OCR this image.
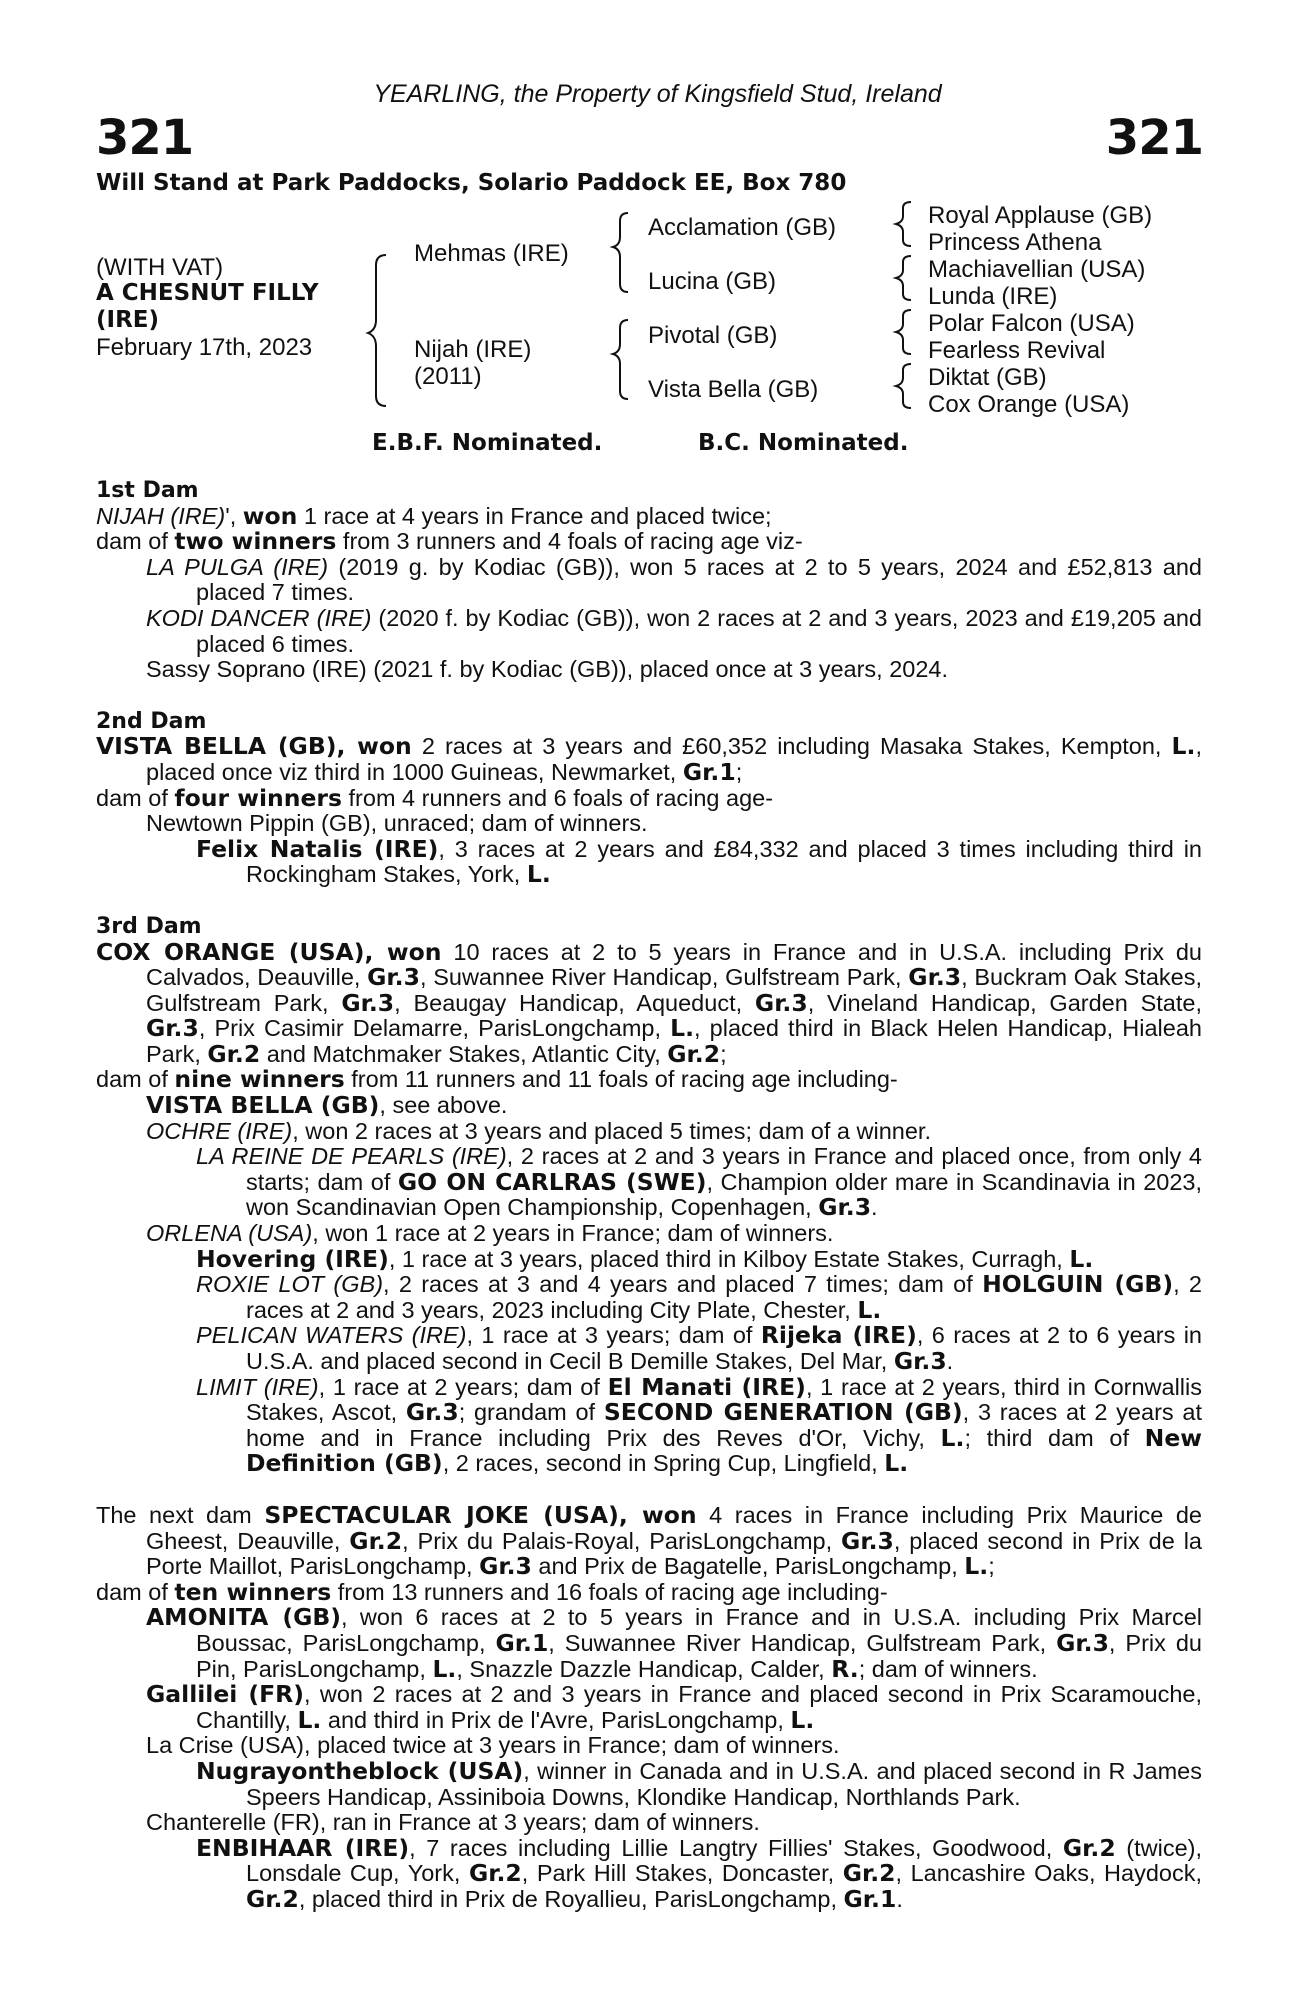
321
YEARLING, the Property of Kingsfield Stud, Ireland
321
Will Stand at Park Paddocks, Solario Paddock EE, Box 780
(WITH VAT)
A CHESNUT FILLY
(IRE)
February 17th, 2023
Mehmas (IRE)
Nijah (IRE)
(2011)
Acclamation (GB)
Lucina (GB)
Pivotal (GB)
Vista Bella (GB)
Royal Applause (GB)
Princess Athena
Machiavellian (USA)
Lunda (IRE)
Polar Falcon (USA)
Fearless Revival
Diktat (GB)
Cox Orange (USA)
E.B.F. Nominated.	B.C. Nominated.
1st Dam

NIJAH (IRE)', won 1 race at 4 years in France and placed twice;

dam of two winners from 3 runners and 4 foals of racing age viz-

LA PULGA (IRE) (2019 g. by Kodiac (GB)), won 5 races at 2 to 5 years, 2024 and £52,813 and placed 7 times.

KODI DANCER (IRE) (2020 f. by Kodiac (GB)), won 2 races at 2 and 3 years, 2023 and £19,205 and placed 6 times.

Sassy Soprano (IRE) (2021 f. by Kodiac (GB)), placed once at 3 years, 2024.

2nd Dam

VISTA BELLA (GB), won 2 races at 3 years and £60,352 including Masaka Stakes, Kempton, L., placed once viz third in 1000 Guineas, Newmarket, Gr.1;

dam of four winners from 4 runners and 6 foals of racing age-

Newtown Pippin (GB), unraced; dam of winners.

Felix Natalis (IRE), 3 races at 2 years and £84,332 and placed 3 times including third in Rockingham Stakes, York, L.

3rd Dam

COX ORANGE (USA), won 10 races at 2 to 5 years in France and in U.S.A. including Prix du Calvados, Deauville, Gr.3, Suwannee River Handicap, Gulfstream Park, Gr.3, Buckram Oak Stakes, Gulfstream Park, Gr.3, Beaugay Handicap, Aqueduct, Gr.3, Vineland Handicap, Garden State, Gr.3, Prix Casimir Delamarre, ParisLongchamp, L., placed third in Black Helen Handicap, Hialeah Park, Gr.2 and Matchmaker Stakes, Atlantic City, Gr.2;

dam of nine winners from 11 runners and 11 foals of racing age including-

VISTA BELLA (GB), see above.

OCHRE (IRE), won 2 races at 3 years and placed 5 times; dam of a winner.

LA REINE DE PEARLS (IRE), 2 races at 2 and 3 years in France and placed once, from only 4 starts; dam of GO ON CARLRAS (SWE), Champion older mare in Scandinavia in 2023, won Scandinavian Open Championship, Copenhagen, Gr.3.

ORLENA (USA), won 1 race at 2 years in France; dam of winners.

Hovering (IRE), 1 race at 3 years, placed third in Kilboy Estate Stakes, Curragh, L.

ROXIE LOT (GB), 2 races at 3 and 4 years and placed 7 times; dam of HOLGUIN (GB), 2 races at 2 and 3 years, 2023 including City Plate, Chester, L.

PELICAN WATERS (IRE), 1 race at 3 years; dam of Rijeka (IRE), 6 races at 2 to 6 years in U.S.A. and placed second in Cecil B Demille Stakes, Del Mar, Gr.3.

LIMIT (IRE), 1 race at 2 years; dam of El Manati (IRE), 1 race at 2 years, third in Cornwallis Stakes, Ascot, Gr.3; grandam of SECOND GENERATION (GB), 3 races at 2 years at home and in France including Prix des Reves d'Or, Vichy, L.; third dam of New Definition (GB), 2 races, second in Spring Cup, Lingfield, L.

The next dam SPECTACULAR JOKE (USA), won 4 races in France including Prix Maurice de Gheest, Deauville, Gr.2, Prix du Palais-Royal, ParisLongchamp, Gr.3, placed second in Prix de la Porte Maillot, ParisLongchamp, Gr.3 and Prix de Bagatelle, ParisLongchamp, L.;

dam of ten winners from 13 runners and 16 foals of racing age including-

AMONITA (GB), won 6 races at 2 to 5 years in France and in U.S.A. including Prix Marcel Boussac, ParisLongchamp, Gr.1, Suwannee River Handicap, Gulfstream Park, Gr.3, Prix du Pin, ParisLongchamp, L., Snazzle Dazzle Handicap, Calder, R.; dam of winners.

Gallilei (FR), won 2 races at 2 and 3 years in France and placed second in Prix Scaramouche, Chantilly, L. and third in Prix de l'Avre, ParisLongchamp, L.

La Crise (USA), placed twice at 3 years in France; dam of winners.

Nugrayontheblock (USA), winner in Canada and in U.S.A. and placed second in R James Speers Handicap, Assiniboia Downs, Klondike Handicap, Northlands Park.

Chanterelle (FR), ran in France at 3 years; dam of winners.

ENBIHAAR (IRE), 7 races including Lillie Langtry Fillies' Stakes, Goodwood, Gr.2 (twice), Lonsdale Cup, York, Gr.2, Park Hill Stakes, Doncaster, Gr.2, Lancashire Oaks, Haydock, Gr.2, placed third in Prix de Royallieu, ParisLongchamp, Gr.1.
